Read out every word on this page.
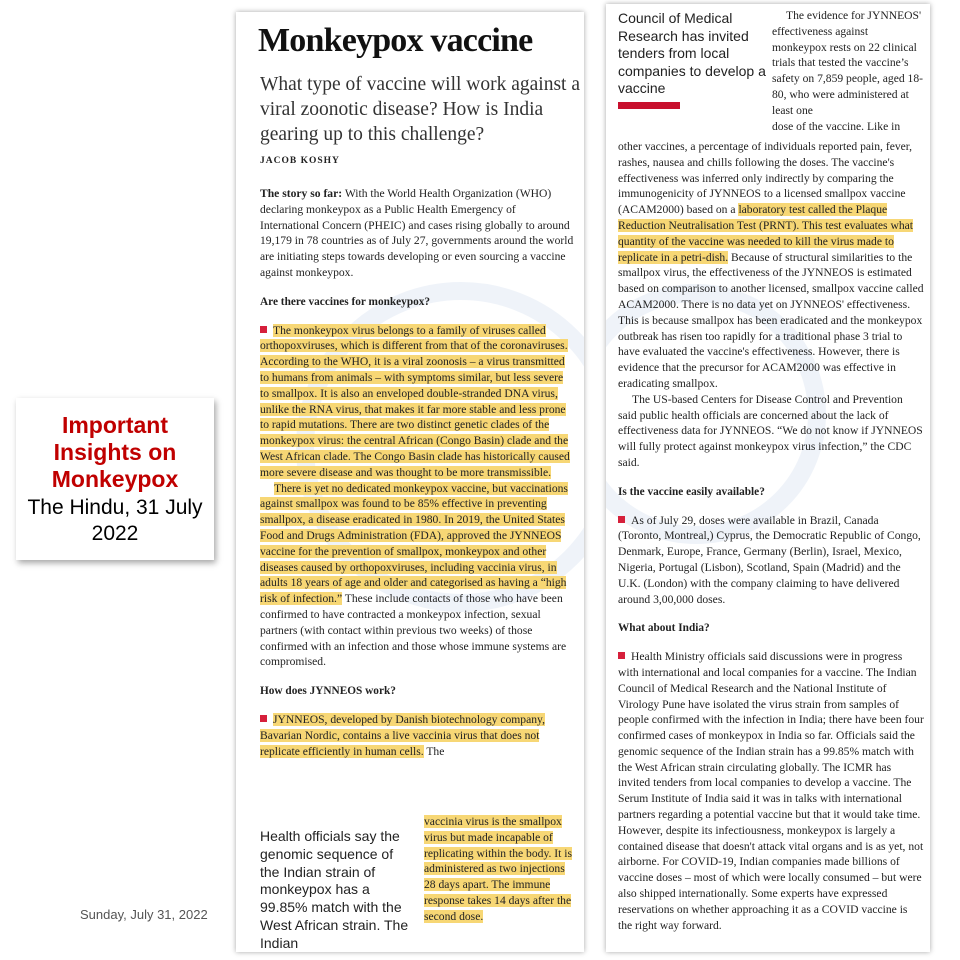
Important Insights on Monkeypox
The Hindu, 31 July 2022
Sunday, July 31, 2022
Monkeypox vaccine
What type of vaccine will work against a viral zoonotic disease? How is India gearing up to this challenge?
JACOB KOSHY

The story so far: With the World Health Organization (WHO) declaring monkeypox as a Public Health Emergency of International Concern (PHEIC) and cases rising globally to around 19,179 in 78 countries as of July 27, governments around the world are initiating steps towards developing or even sourcing a vaccine against monkeypox.

Are there vaccines for monkeypox?

The monkeypox virus belongs to a family of viruses called orthopoxviruses, which is different from that of the coronaviruses. According to the WHO, it is a viral zoonosis – a virus transmitted to humans from animals – with symptoms similar, but less severe to smallpox. It is also an enveloped double-stranded DNA virus, unlike the RNA virus, that makes it far more stable and less prone to rapid mutations. There are two distinct genetic clades of the monkeypox virus: the central African (Congo Basin) clade and the West African clade. The Congo Basin clade has historically caused more severe disease and was thought to be more transmissible.

There is yet no dedicated monkeypox vaccine, but vaccinations against smallpox was found to be 85% effective in preventing smallpox, a disease eradicated in 1980. In 2019, the United States Food and Drugs Administration (FDA), approved the JYNNEOS vaccine for the prevention of smallpox, monkeypox and other diseases caused by orthopoxviruses, including vaccinia virus, in adults 18 years of age and older and categorised as having a “high risk of infection.” These include contacts of those who have been confirmed to have contracted a monkeypox infection, sexual partners (with contact within previous two weeks) of those confirmed with an infection and those whose immune systems are compromised.

How does JYNNEOS work?

JYNNEOS, developed by Danish biotechnology company, Bavarian Nordic, contains a live vaccinia virus that does not replicate efficiently in human cells. The

Health officials say the genomic sequence of the Indian strain of monkeypox has a 99.85% match with the West African strain. The Indian

vaccinia virus is the smallpox virus but made incapable of replicating within the body. It is administered as two injections 28 days apart. The immune response takes 14 days after the second dose.

Council of Medical Research has invited tenders from local companies to develop a vaccine

The evidence for JYNNEOS' effectiveness against monkeypox rests on 22 clinical trials that tested the vaccine’s safety on 7,859 people, aged 18-80, who were administered at least one

dose of the vaccine. Like in

other vaccines, a percentage of individuals reported pain, fever, rashes, nausea and chills following the doses. The vaccine's effectiveness was inferred only indirectly by comparing the immunogenicity of JYNNEOS to a licensed smallpox vaccine (ACAM2000) based on a laboratory test called the Plaque Reduction Neutralisation Test (PRNT). This test evaluates what quantity of the vaccine was needed to kill the virus made to replicate in a petri-dish. Because of structural similarities to the smallpox virus, the effectiveness of the JYNNEOS is estimated based on comparison to another licensed, smallpox vaccine called ACAM2000. There is no data yet on JYNNEOS' effectiveness. This is because smallpox has been eradicated and the monkeypox outbreak has risen too rapidly for a traditional phase 3 trial to have evaluated the vaccine's effectiveness. However, there is evidence that the precursor for ACAM2000 was effective in eradicating smallpox.

The US-based Centers for Disease Control and Prevention said public health officials are concerned about the lack of effectiveness data for JYNNEOS. “We do not know if JYNNEOS will fully protect against monkeypox virus infection,” the CDC said.

Is the vaccine easily available?

As of July 29, doses were available in Brazil, Canada (Toronto, Montreal,) Cyprus, the Democratic Republic of Congo, Denmark, Europe, France, Germany (Berlin), Israel, Mexico, Nigeria, Portugal (Lisbon), Scotland, Spain (Madrid) and the U.K. (London) with the company claiming to have delivered around 3,00,000 doses.

What about India?

Health Ministry officials said discussions were in progress with international and local companies for a vaccine. The Indian Council of Medical Research and the National Institute of Virology Pune have isolated the virus strain from samples of people confirmed with the infection in India; there have been four confirmed cases of monkeypox in India so far. Officials said the genomic sequence of the Indian strain has a 99.85% match with the West African strain circulating globally. The ICMR has invited tenders from local companies to develop a vaccine. The Serum Institute of India said it was in talks with international partners regarding a potential vaccine but that it would take time. However, despite its infectiousness, monkeypox is largely a contained disease that doesn't attack vital organs and is as yet, not airborne. For COVID-19, Indian companies made billions of vaccine doses – most of which were locally consumed – but were also shipped internationally. Some experts have expressed reservations on whether approaching it as a COVID vaccine is the right way forward.
